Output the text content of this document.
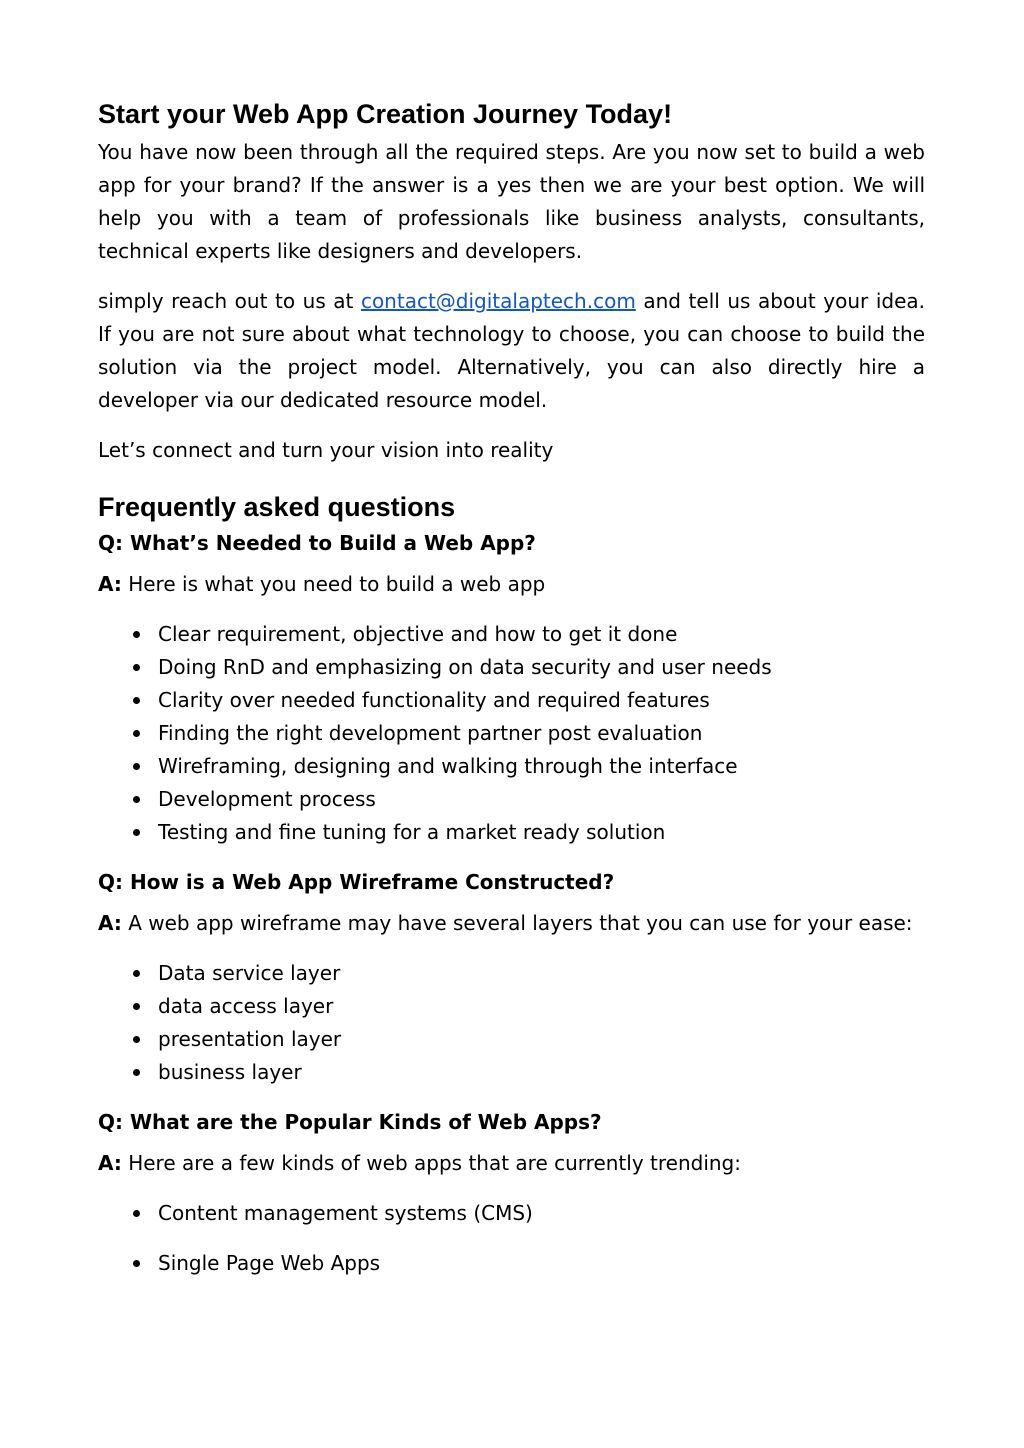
Start your Web App Creation Journey Today!

You have now been through all the required steps. Are you now set to build a web app for your brand? If the answer is a yes then we are your best option. We will help you with a team of professionals like business analysts, consultants, technical experts like designers and developers.

simply reach out to us at contact@digitalaptech.com and tell us about your idea. If you are not sure about what technology to choose, you can choose to build the solution via the project model. Alternatively, you can also directly hire a developer via our dedicated resource model.

Let’s connect and turn your vision into reality

Frequently asked questions

Q: What’s Needed to Build a Web App?

A: Here is what you need to build a web app

Clear requirement, objective and how to get it done
Doing RnD and emphasizing on data security and user needs
Clarity over needed functionality and required features
Finding the right development partner post evaluation
Wireframing, designing and walking through the interface
Development process
Testing and fine tuning for a market ready solution

Q: How is a Web App Wireframe Constructed?

A: A web app wireframe may have several layers that you can use for your ease:

Data service layer
data access layer
presentation layer
business layer

Q: What are the Popular Kinds of Web Apps?

A: Here are a few kinds of web apps that are currently trending:

Content management systems (CMS)
Single Page Web Apps
